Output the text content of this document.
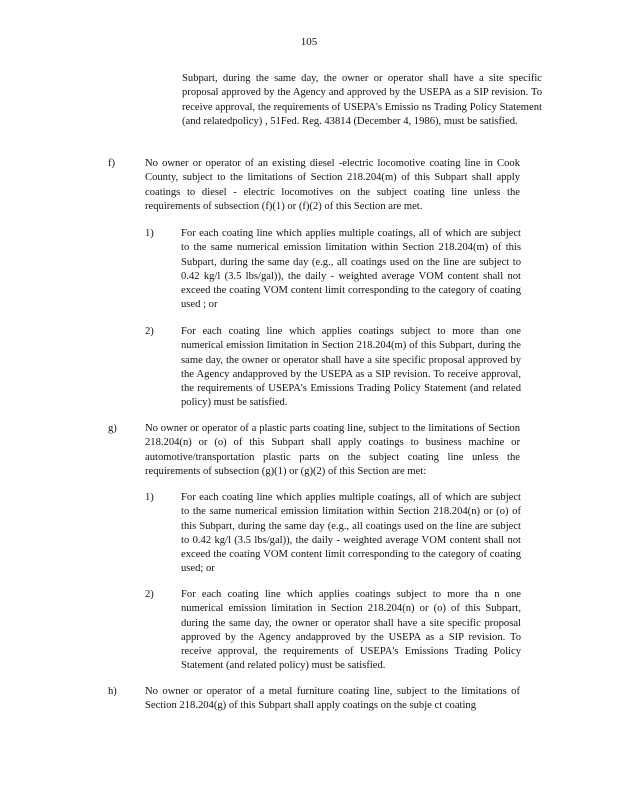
105
Subpart, during the same day, the owner or operator shall have a site specific proposal approved by the Agency and approved by the USEPA as a SIP revision. To receive approval, the requirements of USEPA's Emissio ns Trading Policy Statement (and relatedpolicy) , 51Fed. Reg. 43814 (December 4, 1986), must be satisfied.
f)	No owner or operator of an existing diesel -electric locomotive coating line in Cook County, subject to the limitations of Section 218.204(m) of this Subpart shall apply coatings to diesel - electric locomotives on the subject coating line unless the requirements of subsection (f)(1) or (f)(2) of this Section are met.
1)	For each coating line which applies multiple coatings, all of which are subject to the same numerical emission limitation within Section 218.204(m) of this Subpart, during the same day (e.g., all coatings used on the line are subject to 0.42 kg/l (3.5 lbs/gal)), the daily - weighted average VOM content shall not exceed the coating VOM content limit corresponding to the category of coating used ; or
2)	For each coating line which applies coatings subject to more than one numerical emission limitation in Section 218.204(m) of this Subpart, during the same day, the owner or operator shall have a site specific proposal approved by the Agency andapproved by the USEPA as a SIP revision. To receive approval, the requirements of USEPA's Emissions Trading Policy Statement (and related policy) must be satisfied.
g)	No owner or operator of a plastic parts coating line, subject to the limitations of Section 218.204(n) or (o) of this Subpart shall apply coatings to business machine or automotive/transportation plastic parts on the subject coating line unless the requirements of subsection (g)(1) or (g)(2) of this Section are met:
1)	For each coating line which applies multiple coatings, all of which are subject to the same numerical emission limitation within Section 218.204(n) or (o) of this Subpart, during the same day (e.g., all coatings used on the line are subject to 0.42 kg/l (3.5 lbs/gal)), the daily - weighted average VOM content shall not exceed the coating VOM content limit corresponding to the category of coating used; or
2)	For each coating line which applies coatings subject to more tha n one numerical emission limitation in Section 218.204(n) or (o) of this Subpart, during the same day, the owner or operator shall have a site specific proposal approved by the Agency andapproved by the USEPA as a SIP revision. To receive approval, the requirements of USEPA's Emissions Trading Policy Statement (and related policy) must be satisfied.
h)	No owner or operator of a metal furniture coating line, subject to the limitations of Section 218.204(g) of this Subpart shall apply coatings on the subje ct coating
